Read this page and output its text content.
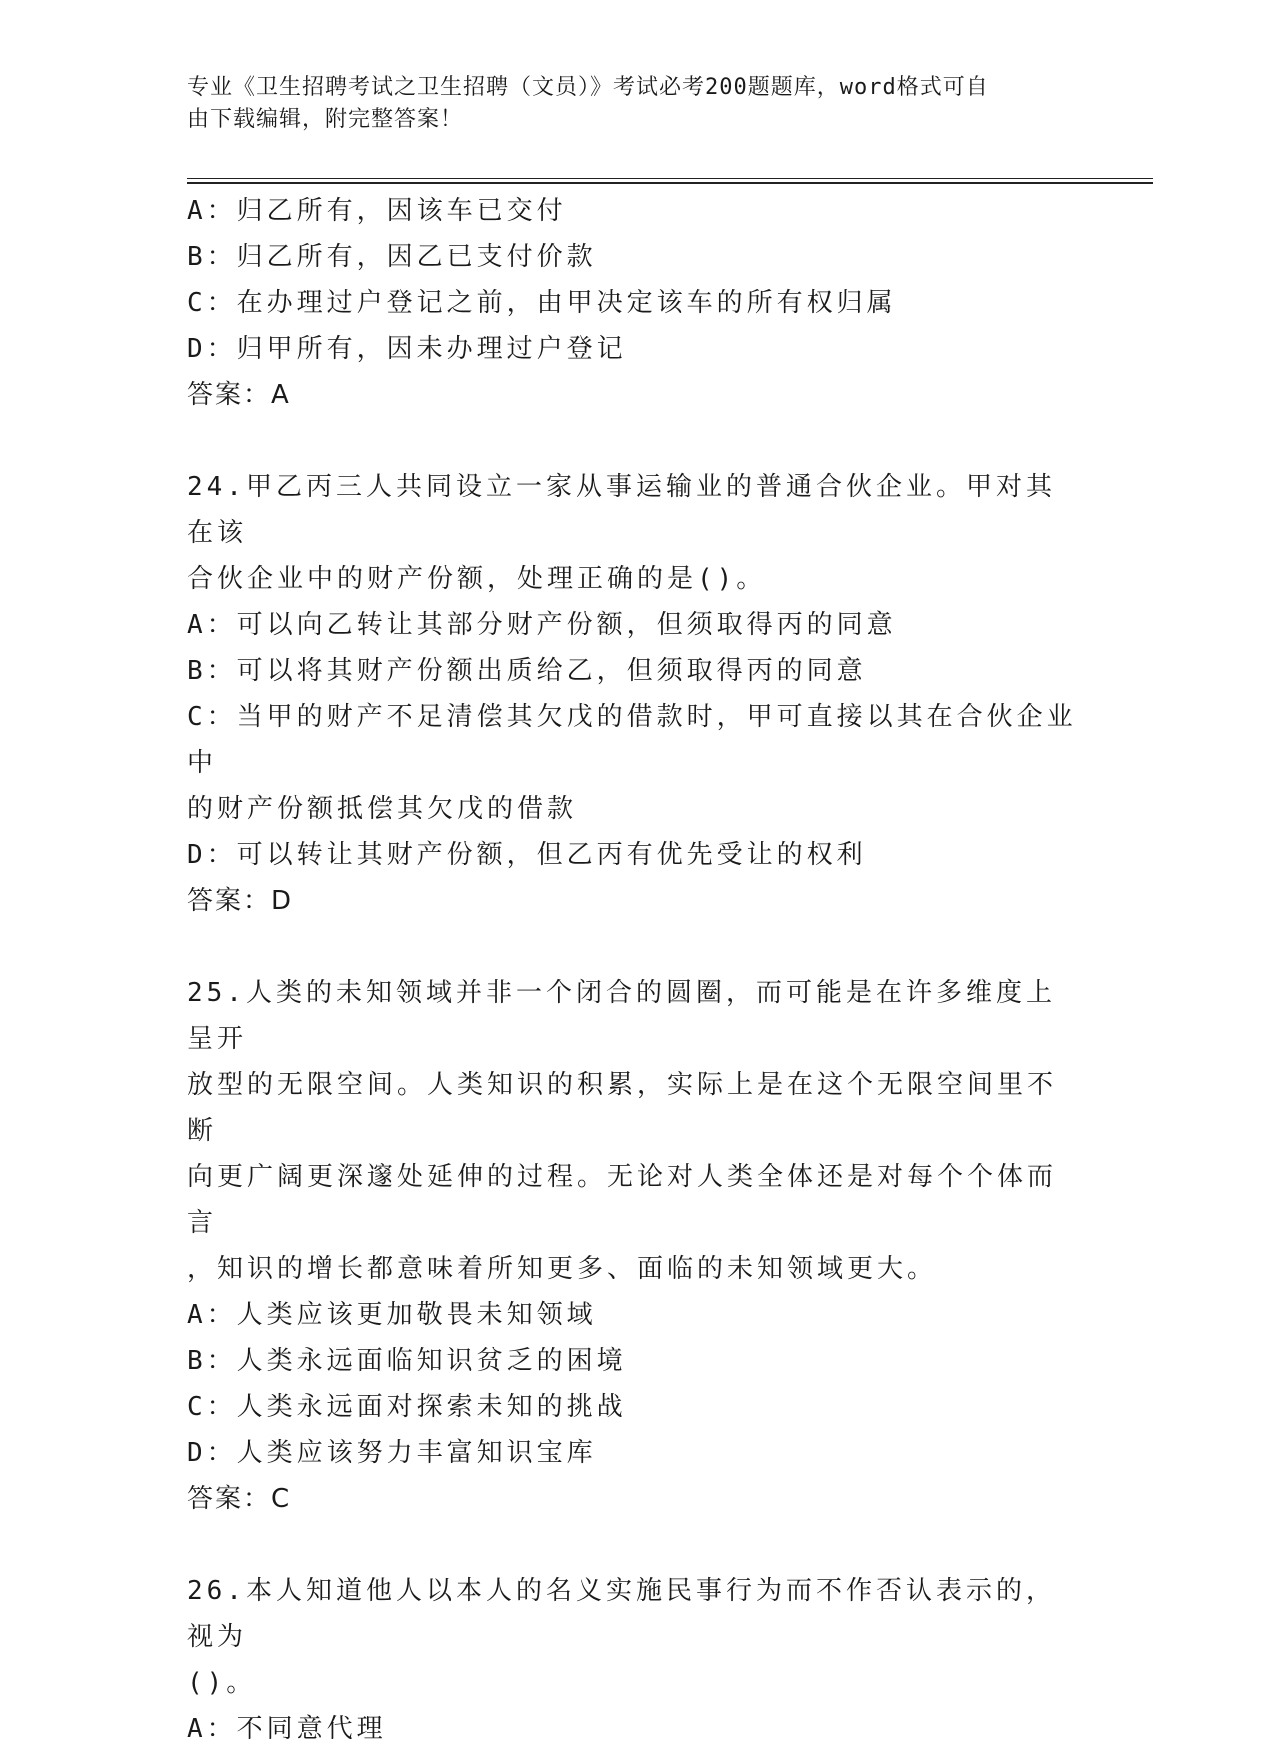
专业《卫生招聘考试之卫生招聘（文员）》考试必考200题题库，word格式可自
由下载编辑，附完整答案！

A：归乙所有，因该车已交付

B：归乙所有，因乙已支付价款

C：在办理过户登记之前，由甲决定该车的所有权归属

D：归甲所有，因未办理过户登记

答案：A

24.甲乙丙三人共同设立一家从事运输业的普通合伙企业。甲对其在该

合伙企业中的财产份额，处理正确的是()。

A：可以向乙转让其部分财产份额，但须取得丙的同意

B：可以将其财产份额出质给乙，但须取得丙的同意

C：当甲的财产不足清偿其欠戊的借款时，甲可直接以其在合伙企业中

的财产份额抵偿其欠戊的借款

D：可以转让其财产份额，但乙丙有优先受让的权利

答案：D

25.人类的未知领域并非一个闭合的圆圈，而可能是在许多维度上呈开

放型的无限空间。人类知识的积累，实际上是在这个无限空间里不断

向更广阔更深邃处延伸的过程。无论对人类全体还是对每个个体而言

，知识的增长都意味着所知更多、面临的未知领域更大。

A：人类应该更加敬畏未知领域

B：人类永远面临知识贫乏的困境

C：人类永远面对探索未知的挑战

D：人类应该努力丰富知识宝库

答案：C

26.本人知道他人以本人的名义实施民事行为而不作否认表示的，视为

()。

A：不同意代理
